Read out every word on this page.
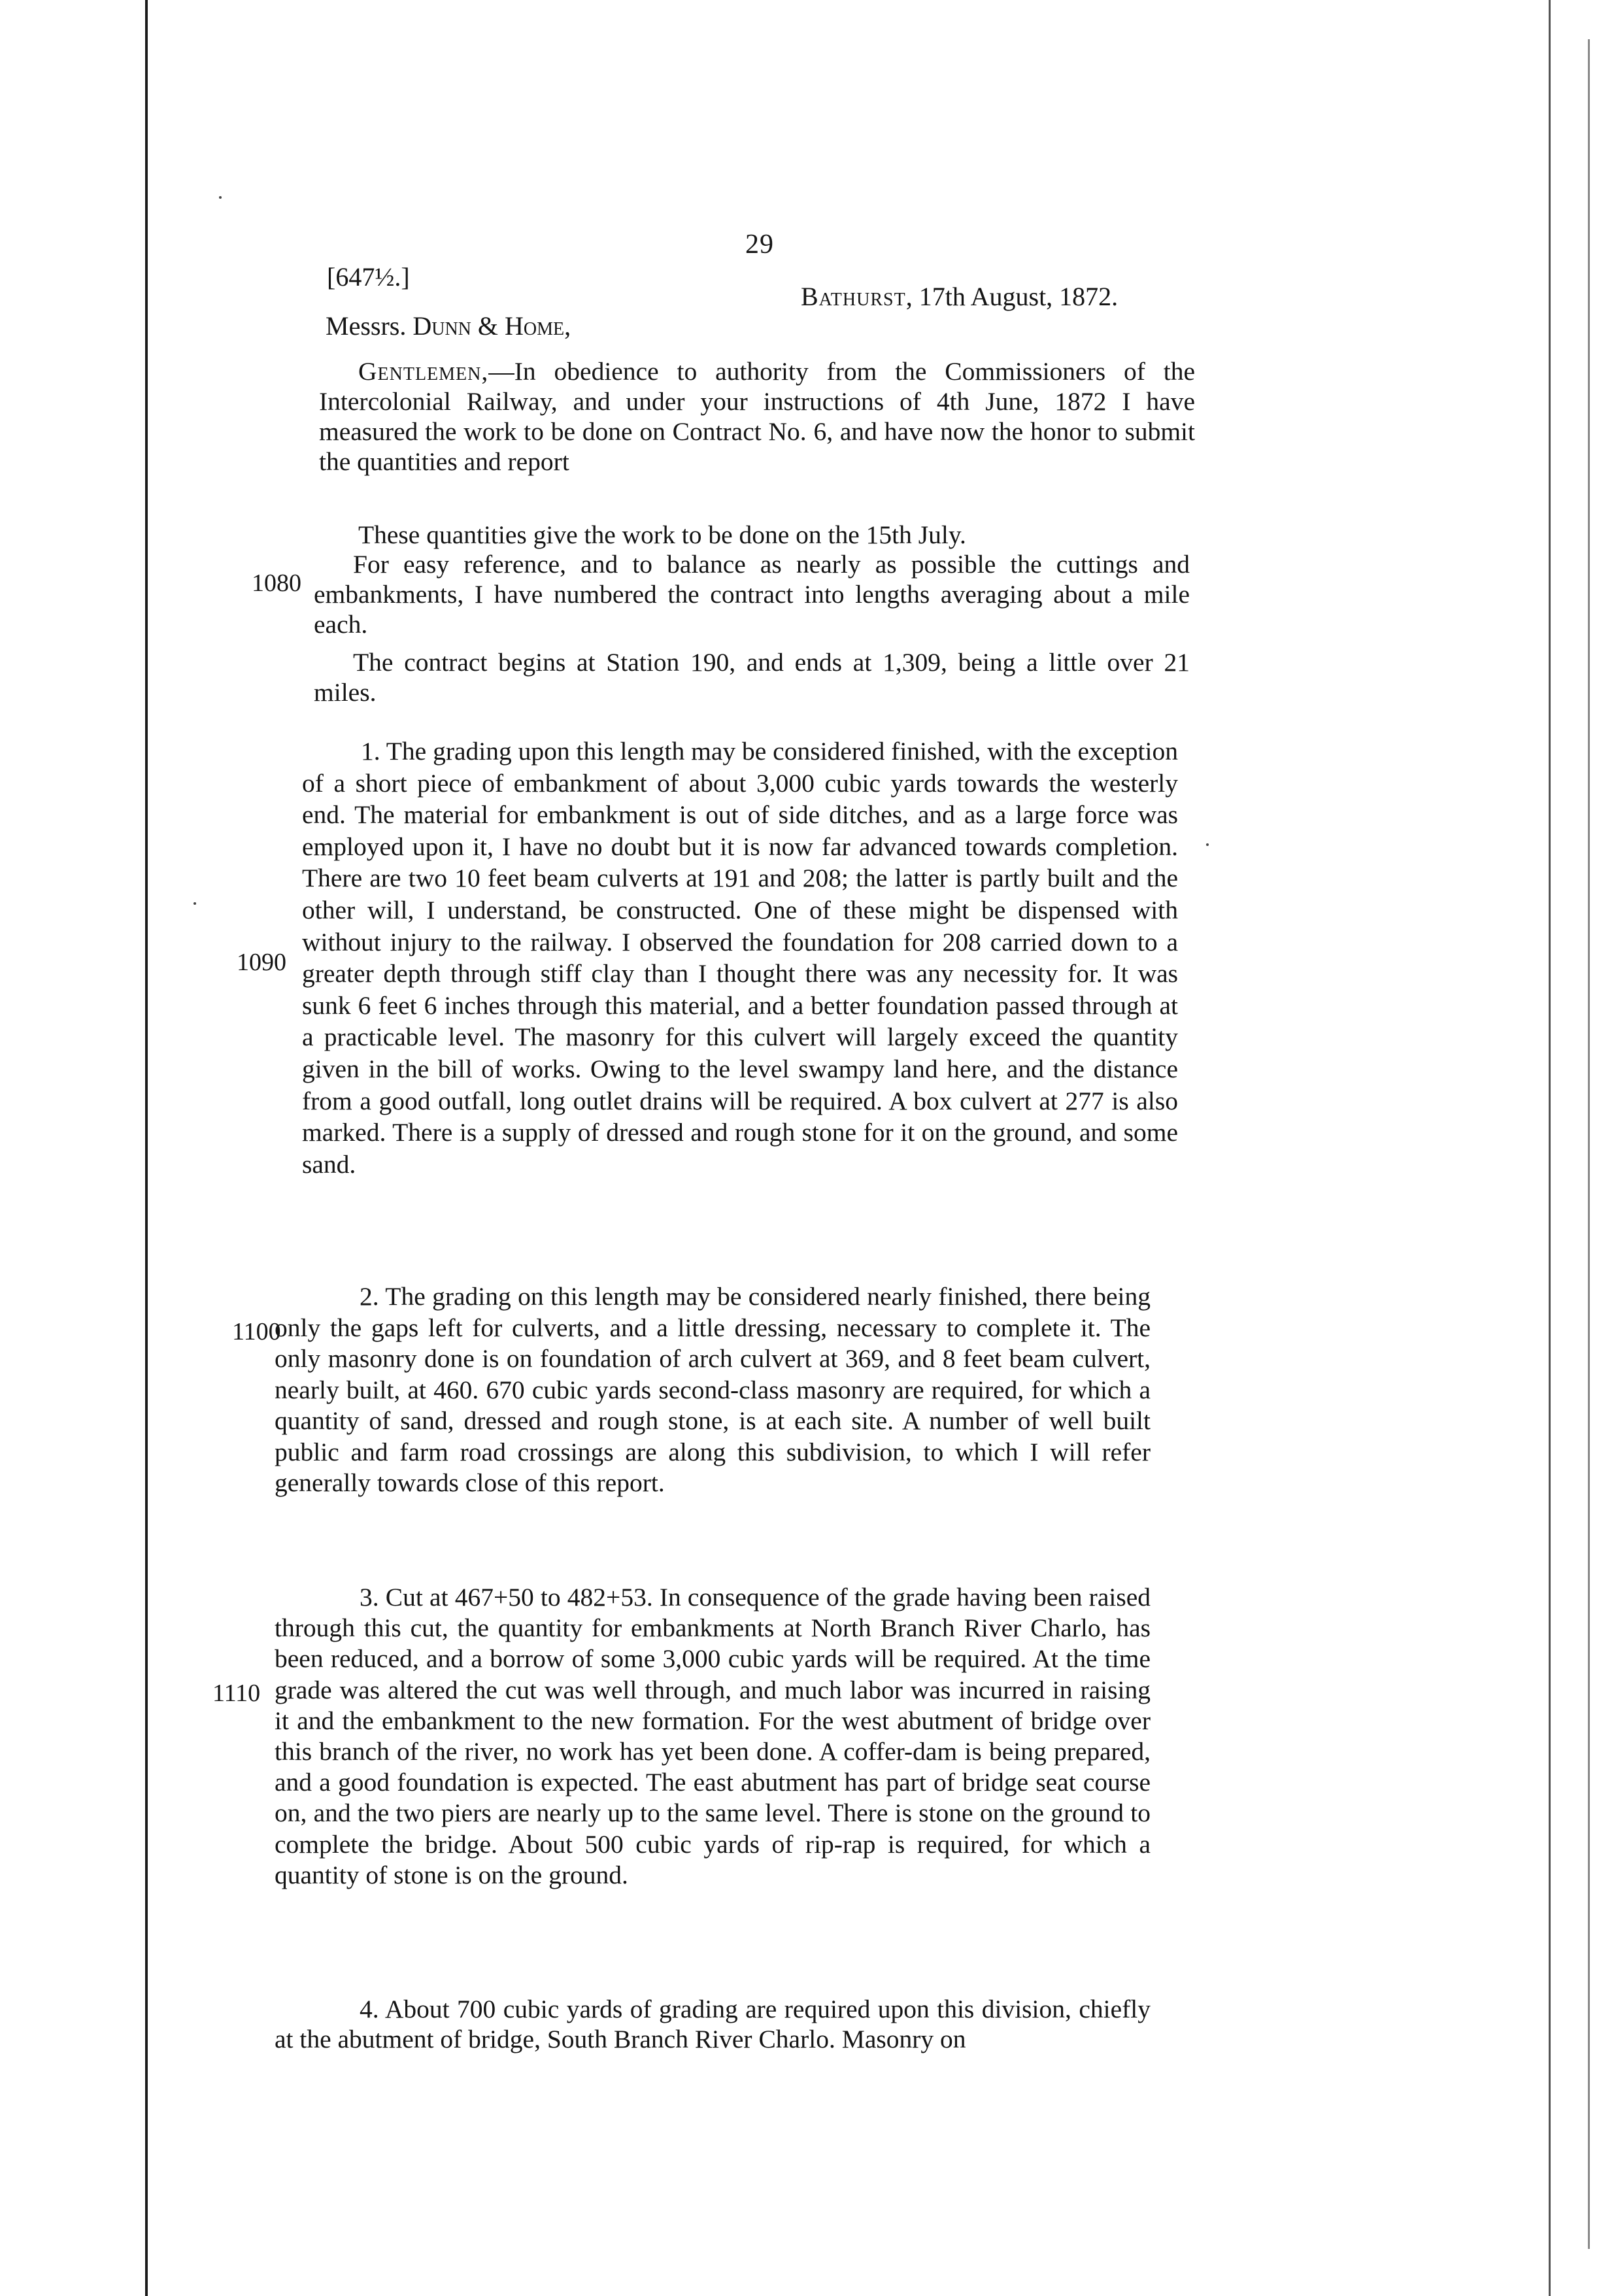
29
[647½.]
Bathurst, 17th August, 1872.
Messrs. Dunn & Home,

Gentlemen,—In obedience to authority from the Commissioners of the Intercolonial Railway, and under your instructions of 4th June, 1872 I have measured the work to be done on Contract No. 6, and have now the honor to submit the quantities and report

These quantities give the work to be done on the 15th July.

For easy reference, and to balance as nearly as possible the cuttings and embankments, I have numbered the contract into lengths averaging about a mile each.

The contract begins at Station 190, and ends at 1,309, being a little over 21 miles.

1. The grading upon this length may be considered finished, with the exception of a short piece of embankment of about 3,000 cubic yards towards the westerly end. The material for embankment is out of side ditches, and as a large force was employed upon it, I have no doubt but it is now far advanced towards completion. There are two 10 feet beam culverts at 191 and 208; the latter is partly built and the other will, I understand, be constructed. One of these might be dispensed with without injury to the railway. I observed the foundation for 208 carried down to a greater depth through stiff clay than I thought there was any necessity for. It was sunk 6 feet 6 inches through this material, and a better foundation passed through at a practicable level. The masonry for this culvert will largely exceed the quantity given in the bill of works. Owing to the level swampy land here, and the distance from a good outfall, long outlet drains will be required. A box culvert at 277 is also marked. There is a supply of dressed and rough stone for it on the ground, and some sand.

2. The grading on this length may be considered nearly finished, there being only the gaps left for culverts, and a little dressing, necessary to complete it. The only masonry done is on foundation of arch culvert at 369, and 8 feet beam culvert, nearly built, at 460. 670 cubic yards second-class masonry are required, for which a quantity of sand, dressed and rough stone, is at each site. A number of well built public and farm road crossings are along this subdivision, to which I will refer generally towards close of this report.

3. Cut at 467+50 to 482+53. In consequence of the grade having been raised through this cut, the quantity for embankments at North Branch River Charlo, has been reduced, and a borrow of some 3,000 cubic yards will be required. At the time grade was altered the cut was well through, and much labor was incurred in raising it and the embankment to the new formation. For the west abutment of bridge over this branch of the river, no work has yet been done. A coffer-dam is being prepared, and a good foundation is expected. The east abutment has part of bridge seat course on, and the two piers are nearly up to the same level. There is stone on the ground to complete the bridge. About 500 cubic yards of rip-rap is required, for which a quantity of stone is on the ground.

4. About 700 cubic yards of grading are required upon this division, chiefly at the abutment of bridge, South Branch River Charlo. Masonry on

1080
1090
1100
1110
